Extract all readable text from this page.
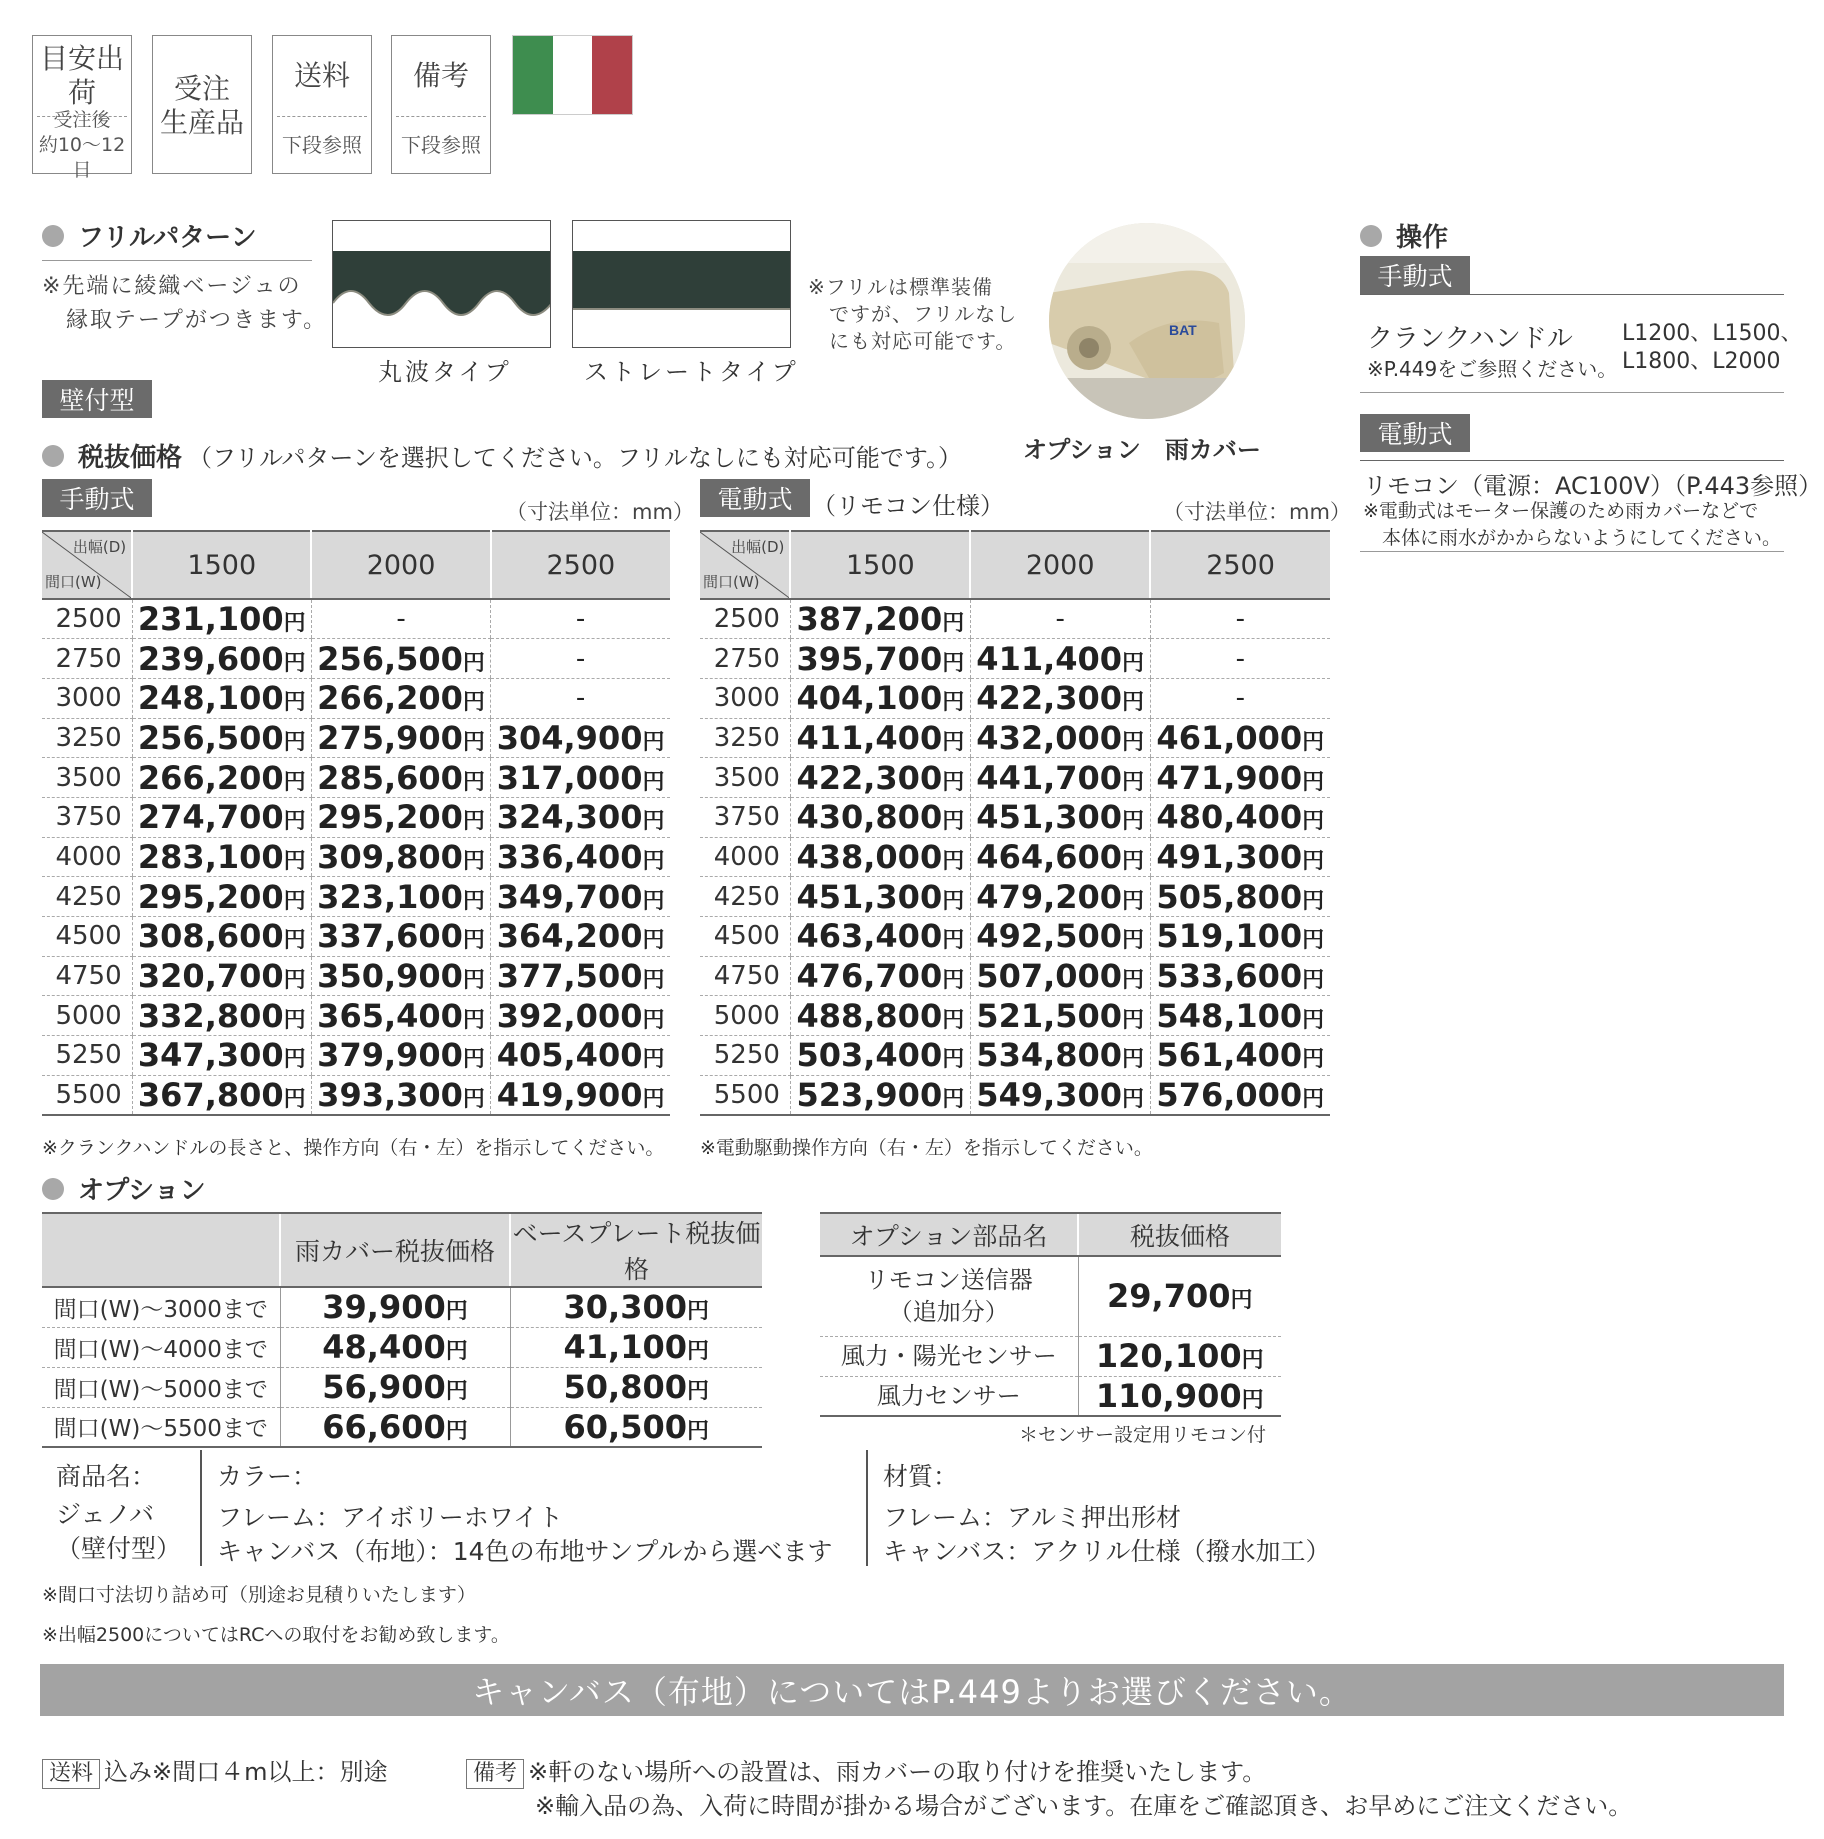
目安出荷
受注後
約10〜12日
受注
生産品
送料
下段参照
備考
下段参照
フリルパターン
※先端に綾織ベージュの
　縁取テープがつきます。
丸波タイプ	ストレートタイプ
※フリルは標準装備
　ですが、フリルなし
　にも対応可能です。	BAT
オプション　雨カバー
操作
手動式
クランクハンドル L1200、L1500、
L1800、L2000
※P.449をご参照ください。
電動式
リモコン（電源：AC100V）（P.443参照）
※電動式はモーター保護のため雨カバーなどで
　本体に雨水がかからないようにしてください。
壁付型
税抜価格 （フリルパターンを選択してください。フリルなしにも対応可能です。）
手動式	（寸法単位：mm） 電動式 （リモコン仕様）	（寸法単位：mm）
出幅(D)
間口(W)	1500	2000	2500
2500	231,100円	-	-
2750	239,600円	256,500円	-
3000	248,100円	266,200円	-
3250	256,500円	275,900円	304,900円
3500	266,200円	285,600円	317,000円
3750	274,700円	295,200円	324,300円
4000	283,100円	309,800円	336,400円
4250	295,200円	323,100円	349,700円
4500	308,600円	337,600円	364,200円
4750	320,700円	350,900円	377,500円
5000	332,800円	365,400円	392,000円
5250	347,300円	379,900円	405,400円
5500	367,800円	393,300円	419,900円
出幅(D)
間口(W)	1500	2000	2500
2500	387,200円	-	-
2750	395,700円	411,400円	-
3000	404,100円	422,300円	-
3250	411,400円	432,000円	461,000円
3500	422,300円	441,700円	471,900円
3750	430,800円	451,300円	480,400円
4000	438,000円	464,600円	491,300円
4250	451,300円	479,200円	505,800円
4500	463,400円	492,500円	519,100円
4750	476,700円	507,000円	533,600円
5000	488,800円	521,500円	548,100円
5250	503,400円	534,800円	561,400円
5500	523,900円	549,300円	576,000円
※クランクハンドルの長さと、操作方向（右・左）を指示してください。 ※電動駆動操作方向（右・左）を指示してください。
オプション
	雨カバー税抜価格	ベースプレート税抜価格
間口(W)〜3000まで	39,900円	30,300円
間口(W)〜4000まで	48,400円	41,100円
間口(W)〜5000まで	56,900円	50,800円
間口(W)〜5500まで	66,600円	60,500円
オプション部品名	税抜価格
リモコン送信器
（追加分）	29,700円
風力・陽光センサー	120,100円
風力センサー	110,900円
＊センサー設定用リモコン付
商品名：
ジェノバ
（壁付型）
カラー：
フレーム：アイボリーホワイト
キャンバス（布地）：14色の布地サンプルから選べます
材質：
フレーム：アルミ押出形材
キャンバス：アクリル仕様（撥水加工）
※間口寸法切り詰め可（別途お見積りいたします）
※出幅2500についてはRCへの取付をお勧め致します。
キャンバス（布地）についてはP.449よりお選びください。
送料 込み※間口４m以上：別途	備考 ※軒のない場所への設置は、雨カバーの取り付けを推奨いたします。
※輸入品の為、入荷に時間が掛かる場合がございます。在庫をご確認頂き、お早めにご注文ください。
